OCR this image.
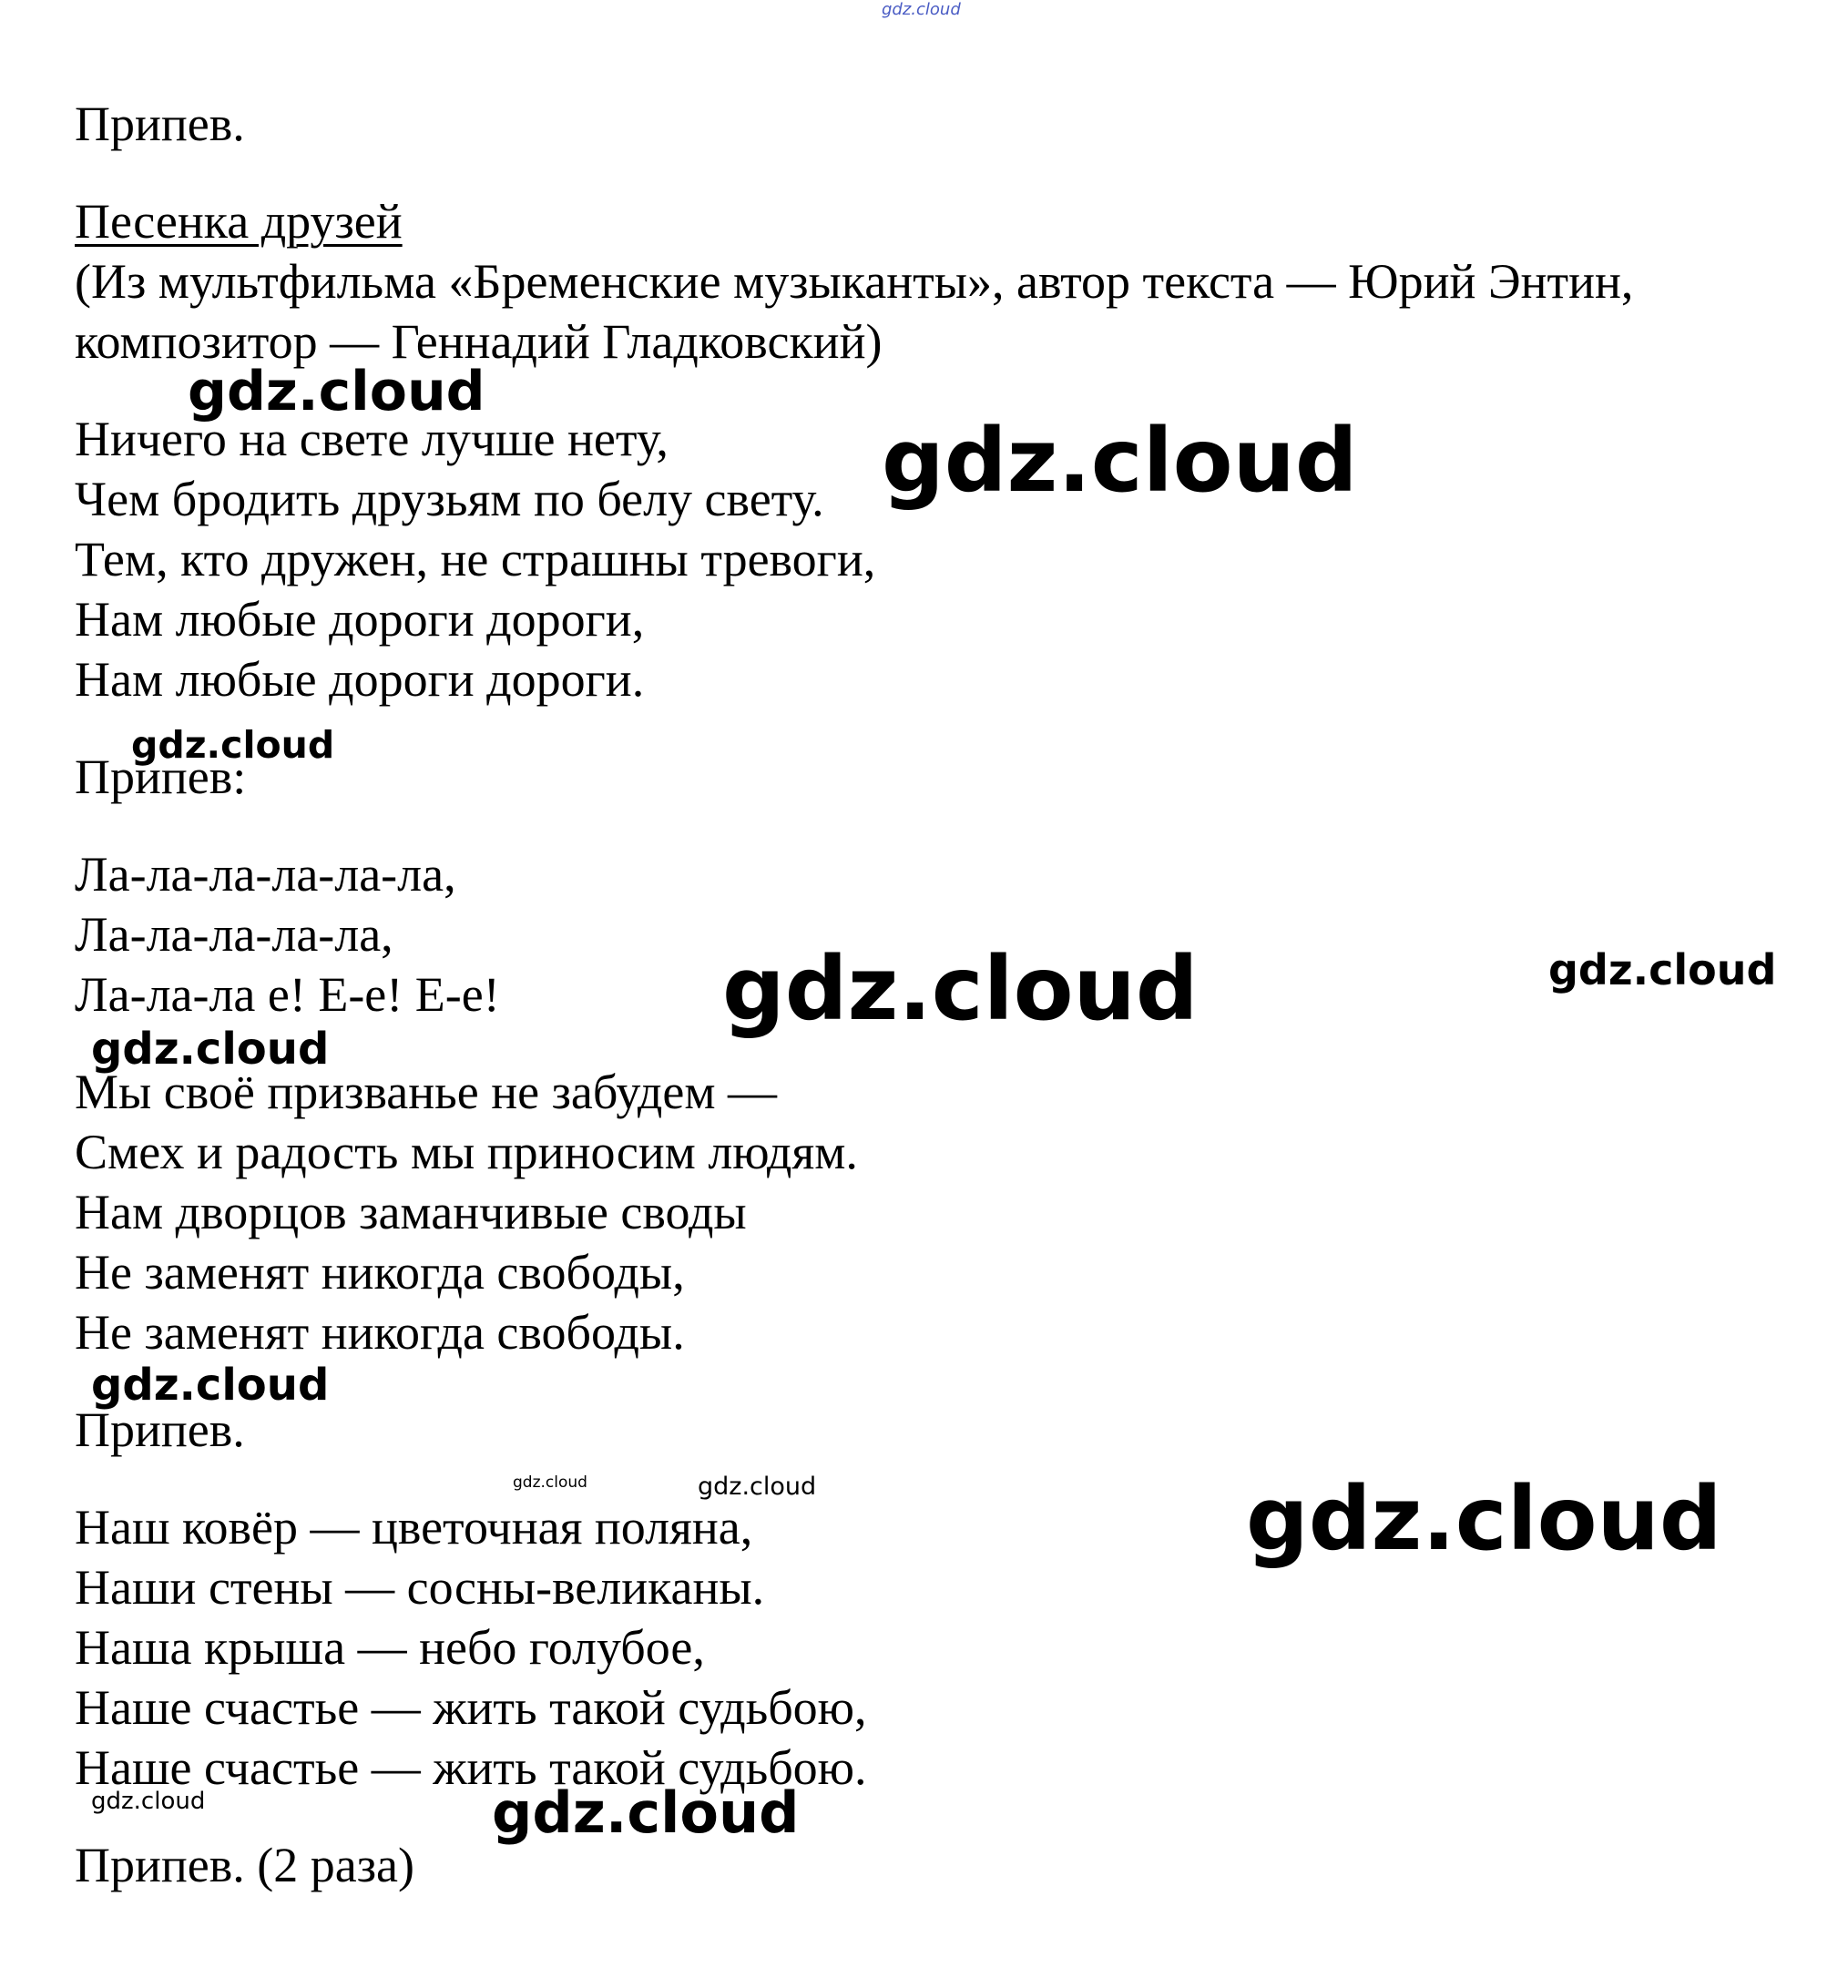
Припев.
Песенка друзей
(Из мультфильма «Бременские музыканты», автор текста — Юрий Энтин,
композитор — Геннадий Гладковский)
Ничего на свете лучше нету,
Чем бродить друзьям по белу свету.
Тем, кто дружен, не страшны тревоги,
Нам любые дороги дороги,
Нам любые дороги дороги.
Припев:
Ла-ла-ла-ла-ла-ла,
Ла-ла-ла-ла-ла,
Ла-ла-ла е! Е-е! Е-е!
Мы своё призванье не забудем —
Смех и радость мы приносим людям.
Нам дворцов заманчивые своды
Не заменят никогда свободы,
Не заменят никогда свободы.
Припев.
Наш ковёр — цветочная поляна,
Наши стены — сосны-великаны.
Наша крыша — небо голубое,
Наше счастье — жить такой судьбою,
Наше счастье — жить такой судьбою.
Припев. (2 раза)
gdz.cloud
gdz.cloud
gdz.cloud
gdz.cloud
gdz.cloud	gdz.cloud
gdz.cloud
gdz.cloud
gdz.cloud	gdz.cloud	gdz.cloud
gdz.cloud	gdz.cloud
